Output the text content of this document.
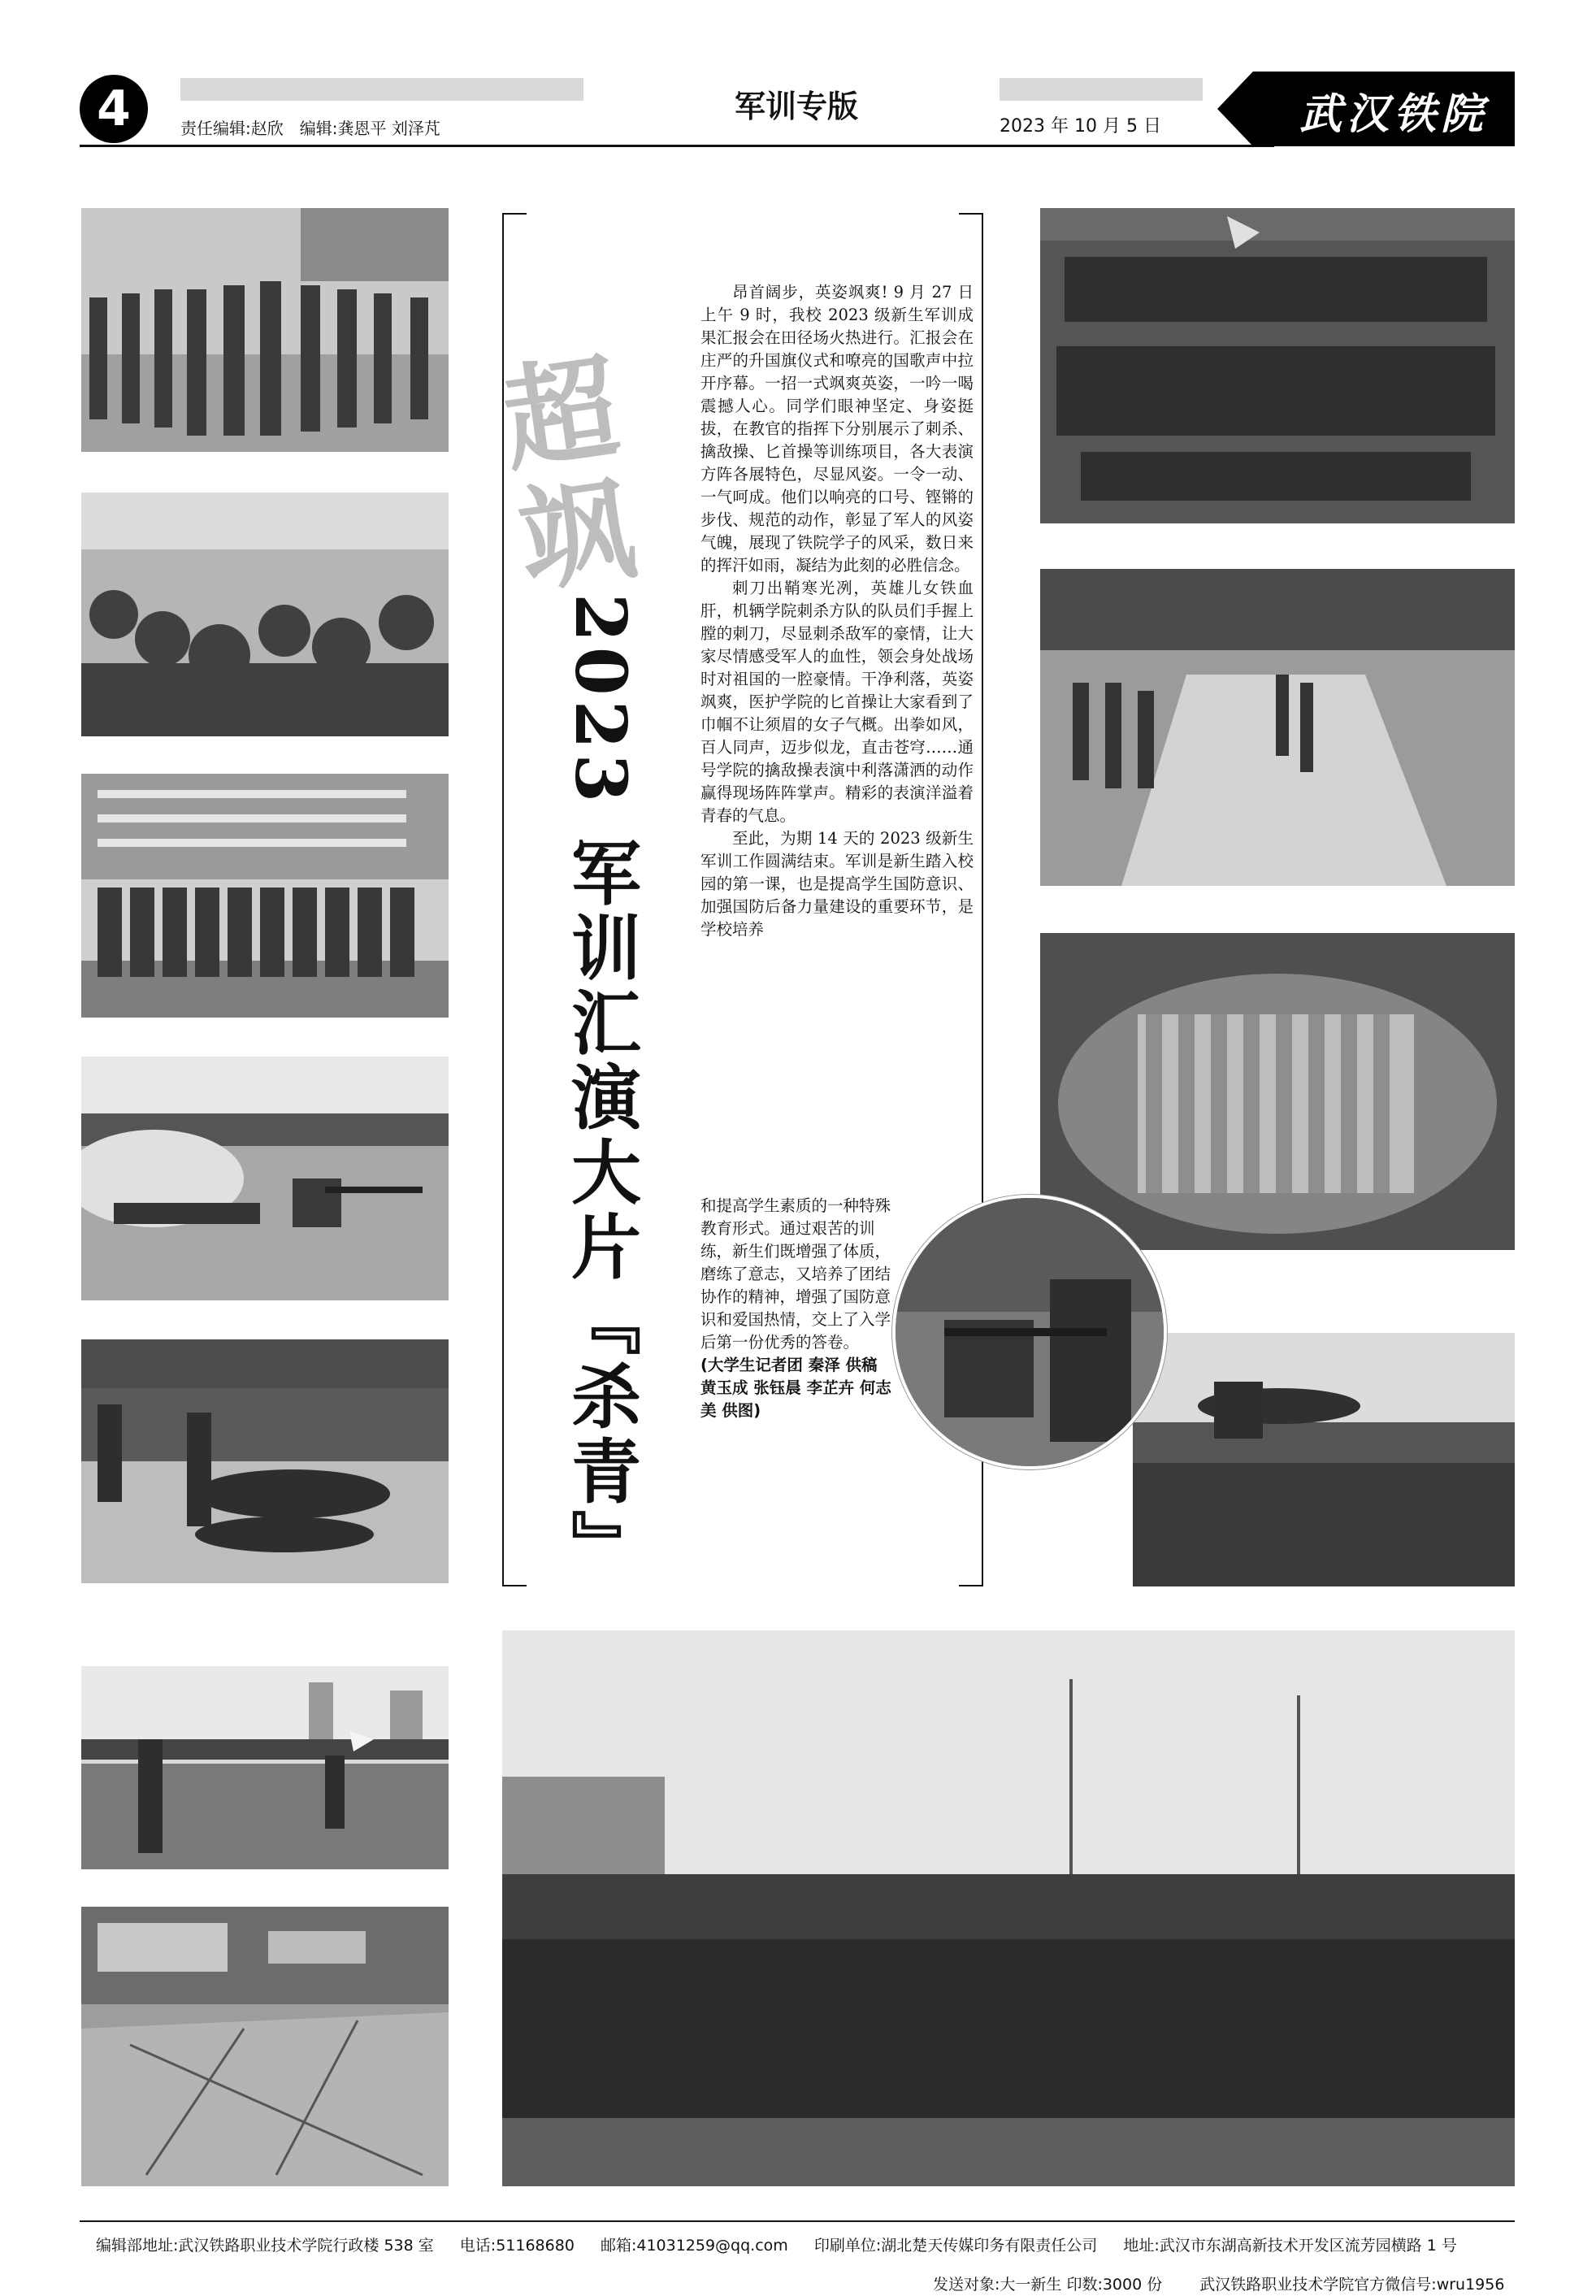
4	责任编辑:赵欣　编辑:龚恩平 刘泽芃
军训专版
2023 年 10 月 5 日	武汉铁院
超飒
2023 军训汇演大片『杀青』

昂首阔步，英姿飒爽! 9 月 27 日上午 9 时，我校 2023 级新生军训成果汇报会在田径场火热进行。汇报会在庄严的升国旗仪式和嘹亮的国歌声中拉开序幕。一招一式飒爽英姿，一吟一喝震撼人心。同学们眼神坚定、身姿挺拔，在教官的指挥下分别展示了刺杀、擒敌操、匕首操等训练项目，各大表演方阵各展特色，尽显风姿。一令一动、一气呵成。他们以响亮的口号、铿锵的步伐、规范的动作，彰显了军人的风姿气魄，展现了铁院学子的风采，数日来的挥汗如雨，凝结为此刻的必胜信念。

刺刀出鞘寒光冽，英雄儿女铁血肝，机辆学院刺杀方队的队员们手握上膛的刺刀，尽显刺杀敌军的豪情，让大家尽情感受军人的血性，领会身处战场时对祖国的一腔豪情。干净利落，英姿飒爽，医护学院的匕首操让大家看到了巾帼不让须眉的女子气概。出拳如风，百人同声，迈步似龙，直击苍穹……通号学院的擒敌操表演中利落潇洒的动作赢得现场阵阵掌声。精彩的表演洋溢着青春的气息。

至此，为期 14 天的 2023 级新生军训工作圆满结束。军训是新生踏入校园的第一课，也是提高学生国防意识、加强国防后备力量建设的重要环节，是学校培养

和提高学生素质的一种特殊教育形式。通过艰苦的训练，新生们既增强了体质，磨练了意志，又培养了团结协作的精神，增强了国防意识和爱国热情，交上了入学后第一份优秀的答卷。

(大学生记者团 秦泽 供稿 黄玉成 张钰晨 李芷卉 何志美 供图)

编辑部地址:武汉铁路职业技术学院行政楼 538 室 电话:51168680 邮箱:41031259@qq.com 印刷单位:湖北楚天传媒印务有限责任公司 地址:武汉市东湖高新技术开发区流芳园横路 1 号
发送对象:大一新生 印数:3000 份 武汉铁路职业技术学院官方微信号:wru1956
